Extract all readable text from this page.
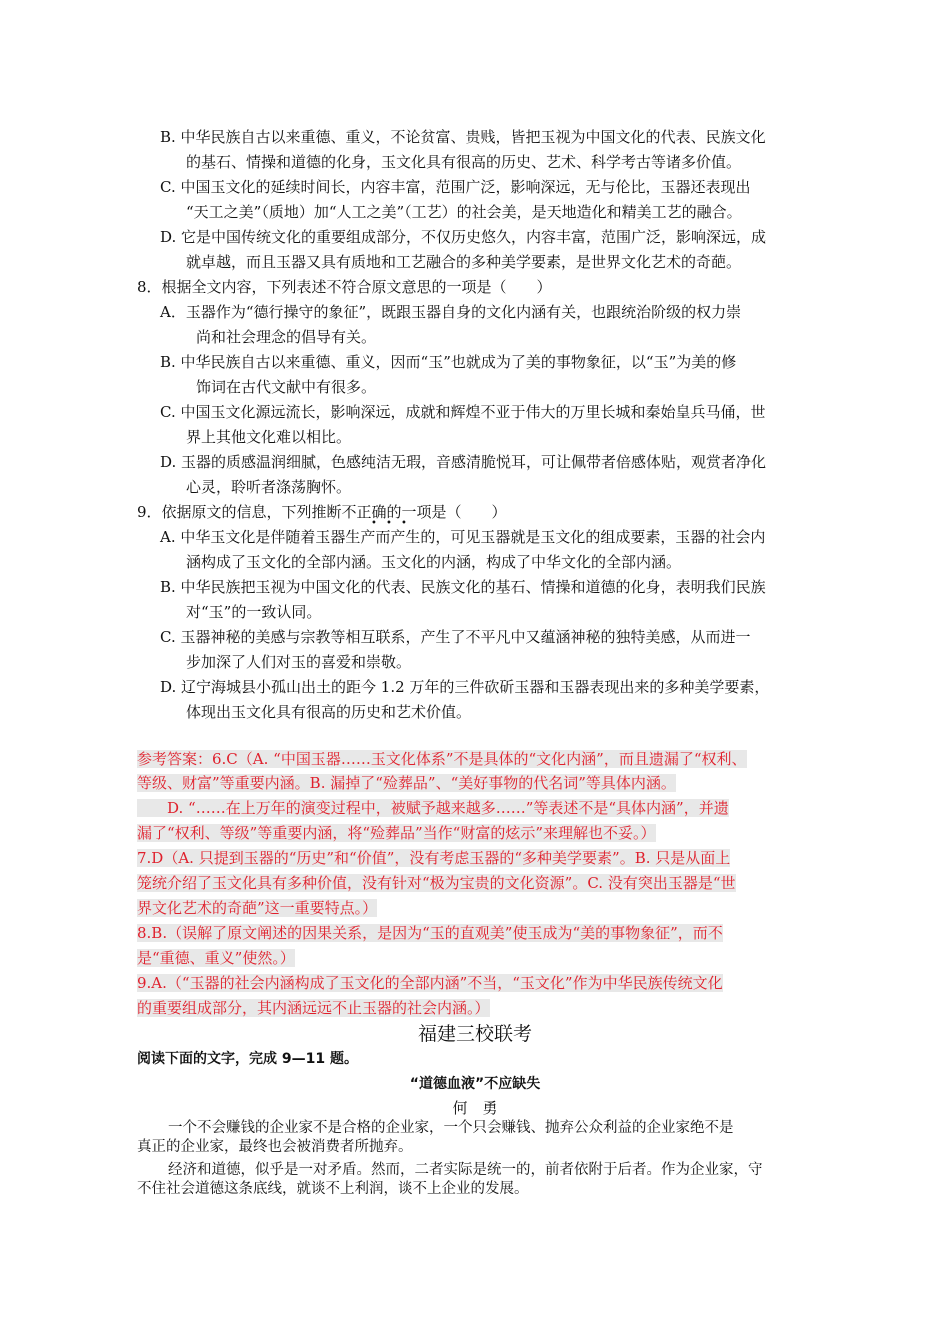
B. 中华民族自古以来重德、重义，不论贫富、贵贱，皆把玉视为中国文化的代表、民族文化
的基石、情操和道德的化身，玉文化具有很高的历史、艺术、科学考古等诸多价值。
C. 中国玉文化的延续时间长，内容丰富，范围广泛，影响深远，无与伦比，玉器还表现出
“天工之美”（质地）加“人工之美”（工艺）的社会美，是天地造化和精美工艺的融合。
D. 它是中国传统文化的重要组成部分，不仅历史悠久，内容丰富，范围广泛，影响深远，成
就卓越，而且玉器又具有质地和工艺融合的多种美学要素，是世界文化艺术的奇葩。
8．根据全文内容，下列表述不符合原文意思的一项是（　　）
A．玉器作为“德行操守的象征”，既跟玉器自身的文化内涵有关，也跟统治阶级的权力崇
尚和社会理念的倡导有关。
B. 中华民族自古以来重德、重义，因而“玉”也就成为了美的事物象征，以“玉”为美的修
饰词在古代文献中有很多。
C. 中国玉文化源远流长，影响深远，成就和辉煌不亚于伟大的万里长城和秦始皇兵马俑，世
界上其他文化难以相比。
D. 玉器的质感温润细腻，色感纯洁无瑕，音感清脆悦耳，可让佩带者倍感体贴，观赏者净化
心灵，聆听者涤荡胸怀。
9．依据原文的信息，下列推断不正确的一项是（　　）
• • •
A. 中华玉文化是伴随着玉器生产而产生的，可见玉器就是玉文化的组成要素，玉器的社会内
涵构成了玉文化的全部内涵。玉文化的内涵，构成了中华文化的全部内涵。
B. 中华民族把玉视为中国文化的代表、民族文化的基石、情操和道德的化身，表明我们民族
对“玉”的一致认同。
C. 玉器神秘的美感与宗教等相互联系，产生了不平凡中又蕴涵神秘的独特美感，从而进一
步加深了人们对玉的喜爱和崇敬。
D. 辽宁海城县小孤山出土的距今 1.2 万年的三件砍斫玉器和玉器表现出来的多种美学要素，
体现出玉文化具有很高的历史和艺术价值。
参考答案：6.C（A. “中国玉器……玉文化体系”不是具体的“文化内涵”，而且遗漏了“权利、
等级、财富”等重要内涵。B. 漏掉了“殓葬品”、“美好事物的代名词”等具体内涵。
D. “……在上万年的演变过程中，被赋予越来越多……”等表述不是“具体内涵”，并遗
漏了“权利、等级”等重要内涵，将“殓葬品”当作“财富的炫示”来理解也不妥。）
7.D（A. 只提到玉器的“历史”和“价值”，没有考虑玉器的“多种美学要素”。B. 只是从面上
笼统介绍了玉文化具有多种价值，没有针对“极为宝贵的文化资源”。C. 没有突出玉器是“世
界文化艺术的奇葩”这一重要特点。）
8.B.（误解了原文阐述的因果关系，是因为“玉的直观美”使玉成为“美的事物象征”，而不
是“重德、重义”使然。）
9.A.（“玉器的社会内涵构成了玉文化的全部内涵”不当，“玉文化”作为中华民族传统文化
的重要组成部分，其内涵远远不止玉器的社会内涵。）
福建三校联考
阅读下面的文字，完成 9—11 题。
“道德血液”不应缺失
何　勇
一个不会赚钱的企业家不是合格的企业家，一个只会赚钱、抛弃公众利益的企业家绝不是
真正的企业家，最终也会被消费者所抛弃。
经济和道德，似乎是一对矛盾。然而，二者实际是统一的，前者依附于后者。作为企业家，守
不住社会道德这条底线，就谈不上利润，谈不上企业的发展。
